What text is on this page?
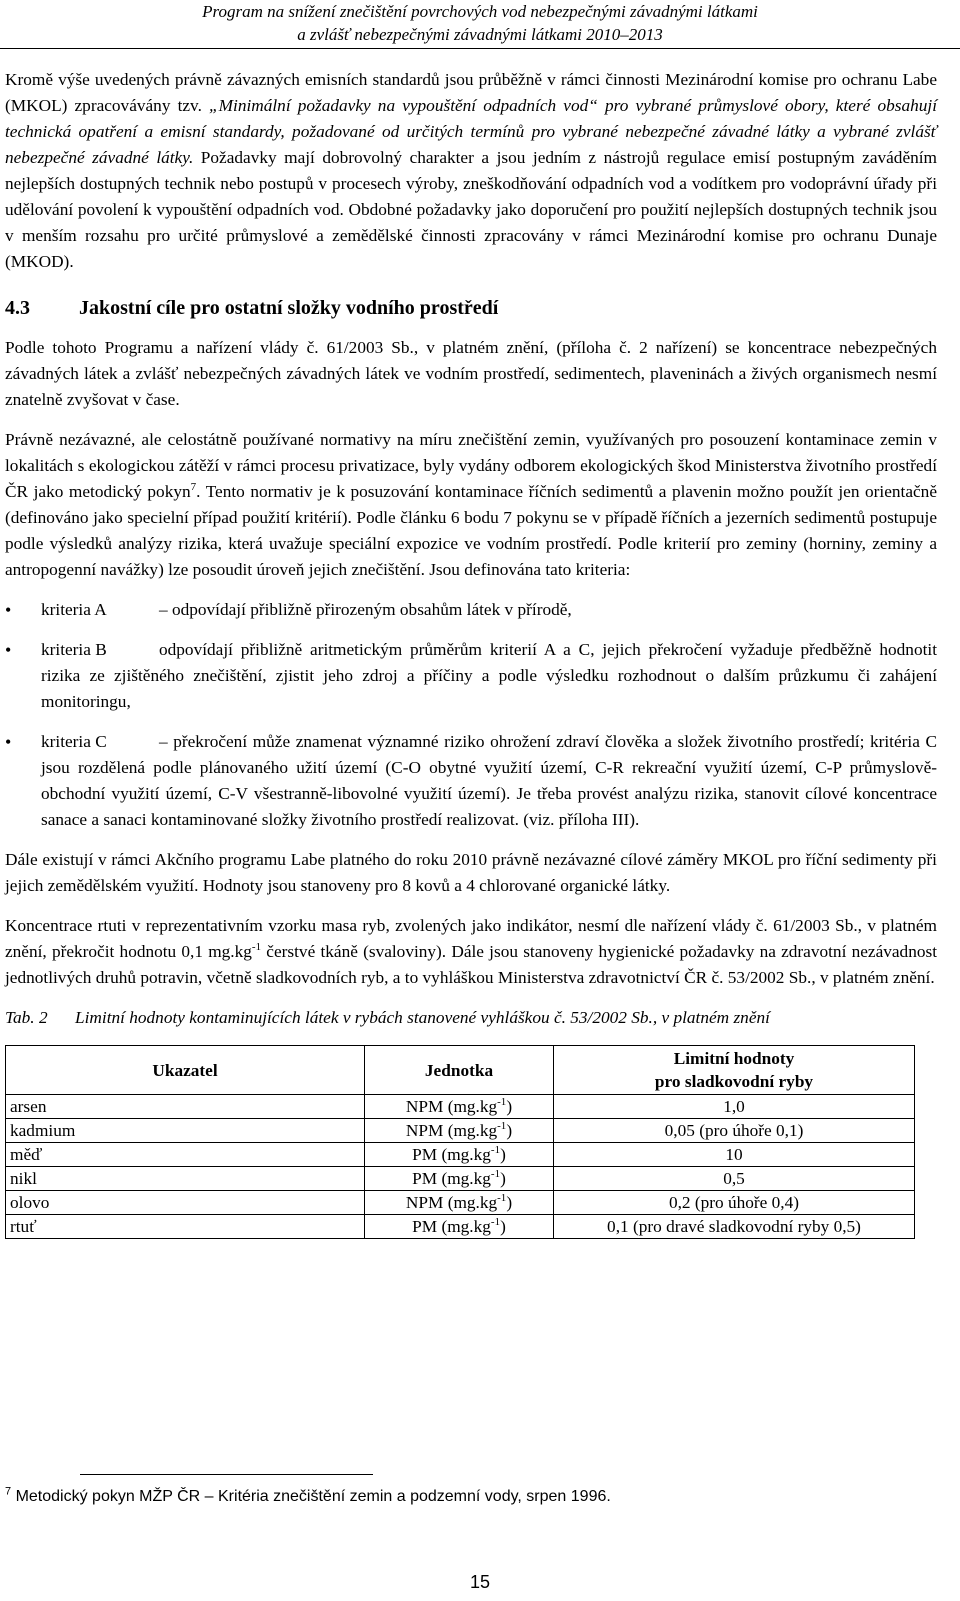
Program na snížení znečištění povrchových vod nebezpečnými závadnými látkami
a zvlášť nebezpečnými závadnými látkami 2010–2013

Kromě výše uvedených právně závazných emisních standardů jsou průběžně v rámci činnosti Mezinárodní komise pro ochranu Labe (MKOL) zpracovávány tzv. „Minimální požadavky na vypouštění odpadních vod“ pro vybrané průmyslové obory, které obsahují technická opatření a emisní standardy, požadované od určitých termínů pro vybrané nebezpečné závadné látky a vybrané zvlášť nebezpečné závadné látky. Požadavky mají dobrovolný charakter a jsou jedním z nástrojů regulace emisí postupným zaváděním nejlepších dostupných technik nebo postupů v procesech výroby, zneškodňování odpadních vod a vodítkem pro vodoprávní úřady při udělování povolení k vypouštění odpadních vod. Obdobné požadavky jako doporučení pro použití nejlepších dostupných technik jsou v menším rozsahu pro určité průmyslové a zemědělské činnosti zpracovány v rámci Mezinárodní komise pro ochranu Dunaje (MKOD).

4.3	Jakostní cíle pro ostatní složky vodního prostředí

Podle tohoto Programu a nařízení vlády č. 61/2003 Sb., v platném znění, (příloha č. 2 nařízení) se koncentrace nebezpečných závadných látek a zvlášť nebezpečných závadných látek ve vodním prostředí, sedimentech, plaveninách a živých organismech nesmí znatelně zvyšovat v čase.

Právně nezávazné, ale celostátně používané normativy na míru znečištění zemin, využívaných pro posouzení kontaminace zemin v lokalitách s ekologickou zátěží v rámci procesu privatizace, byly vydány odborem ekologických škod Ministerstva životního prostředí ČR jako metodický pokyn$^7$. Tento normativ je k posuzování kontaminace říčních sedimentů a plavenin možno použít jen orientačně (definováno jako specielní případ použití kritérií). Podle článku 6 bodu 7 pokynu se v případě říčních a jezerních sedimentů postupuje podle výsledků analýzy rizika, která uvažuje speciální expozice ve vodním prostředí. Podle kriterií pro zeminy (horniny, zeminy a antropogenní navážky) lze posoudit úroveň jejich znečištění. Jsou definována tato kriteria:

• kriteria A	– odpovídají přibližně přirozeným obsahům látek v přírodě,
• kriteria B	odpovídají přibližně aritmetickým průměrům kriterií A a C, jejich překročení vyžaduje předběžně hodnotit rizika ze zjištěného znečištění, zjistit jeho zdroj a příčiny a podle výsledku rozhodnout o dalším průzkumu či zahájení monitoringu,
• kriteria C	– překročení může znamenat významné riziko ohrožení zdraví člověka a složek životního prostředí; kritéria C jsou rozdělená podle plánovaného užití území (C-O obytné využití území, C-R rekreační využití území, C-P průmyslově-obchodní využití území, C-V všestranně-libovolné využití území). Je třeba provést analýzu rizika, stanovit cílové koncentrace sanace a sanaci kontaminované složky životního prostředí realizovat. (viz. příloha III).

Dále existují v rámci Akčního programu Labe platného do roku 2010 právně nezávazné cílové záměry MKOL pro říční sedimenty při jejich zemědělském využití. Hodnoty jsou stanoveny pro 8 kovů a 4 chlorované organické látky.

Koncentrace rtuti v reprezentativním vzorku masa ryb, zvolených jako indikátor, nesmí dle nařízení vlády č. 61/2003 Sb., v platném znění, překročit hodnotu 0,1 $mg.kg^{-1}$ čerstvé tkáně (svaloviny). Dále jsou stanoveny hygienické požadavky na zdravotní nezávadnost jednotlivých druhů potravin, včetně sladkovodních ryb, a to vyhláškou Ministerstva zdravotnictví ČR č. 53/2002 Sb., v platném znění.

Tab. 2	Limitní hodnoty kontaminujících látek v rybách stanovené vyhláškou č. 53/2002 Sb., v platném znění
Ukazatel	Jednotka	Limitní hodnoty
pro sladkovodní ryby
arsen	NPM $(mg.kg^{-1})$	1,0
kadmium	NPM $(mg.kg^{-1})$	0,05 (pro úhoře 0,1)
měď	PM $(mg.kg^{-1})$	10
nikl	PM $(mg.kg^{-1})$	0,5
olovo	NPM $(mg.kg^{-1})$	0,2 (pro úhoře 0,4)
rtuť	PM $(mg.kg^{-1})$	0,1 (pro dravé sladkovodní ryby 0,5)
$^7$ Metodický pokyn MŽP ČR – Kritéria znečištění zemin a podzemní vody, srpen 1996.
15
